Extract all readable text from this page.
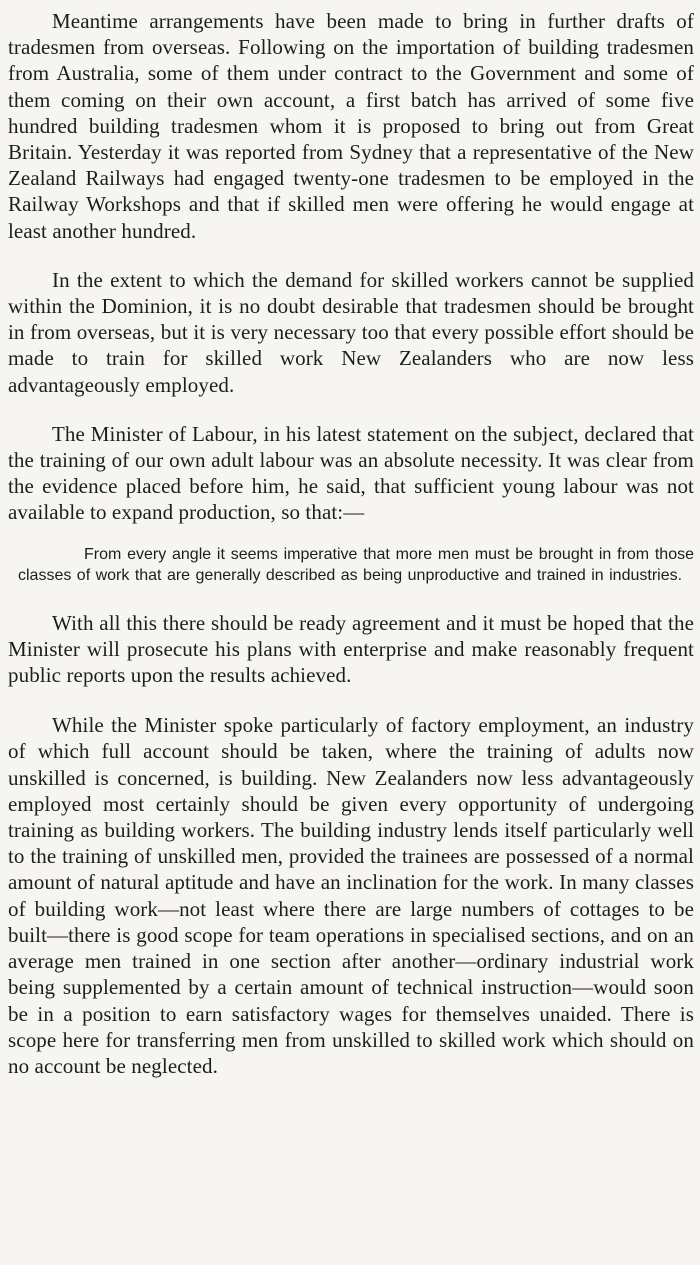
Meantime arrangements have been made to bring in further drafts of tradesmen from overseas. Following on the importation of building tradesmen from Australia, some of them under contract to the Government and some of them coming on their own account, a first batch has arrived of some five hundred building tradesmen whom it is proposed to bring out from Great Britain. Yesterday it was reported from Sydney that a representative of the New Zealand Railways had engaged twenty-one tradesmen to be employed in the Railway Workshops and that if skilled men were offering he would engage at least another hundred.

In the extent to which the demand for skilled workers cannot be supplied within the Dominion, it is no doubt desirable that tradesmen should be brought in from overseas, but it is very necessary too that every possible effort should be made to train for skilled work New Zealanders who are now less advantageously employed.

The Minister of Labour, in his latest statement on the subject, declared that the training of our own adult labour was an absolute necessity. It was clear from the evidence placed before him, he said, that sufficient young labour was not available to expand production, so that:—

From every angle it seems imperative that more men must be brought in from those classes of work that are generally described as being unproductive and trained in industries.

With all this there should be ready agreement and it must be hoped that the Minister will prosecute his plans with enterprise and make reasonably frequent public reports upon the results achieved.

While the Minister spoke particularly of factory employment, an industry of which full account should be taken, where the training of adults now unskilled is concerned, is building. New Zealanders now less advantageously employed most certainly should be given every opportunity of undergoing training as building workers. The building industry lends itself particularly well to the training of unskilled men, provided the trainees are possessed of a normal amount of natural aptitude and have an inclination for the work. In many classes of building work—not least where there are large numbers of cottages to be built—there is good scope for team operations in specialised sections, and on an average men trained in one section after another—ordinary industrial work being supplemented by a certain amount of technical instruction—would soon be in a position to earn satisfactory wages for themselves unaided. There is scope here for transferring men from unskilled to skilled work which should on no account be neglected.
